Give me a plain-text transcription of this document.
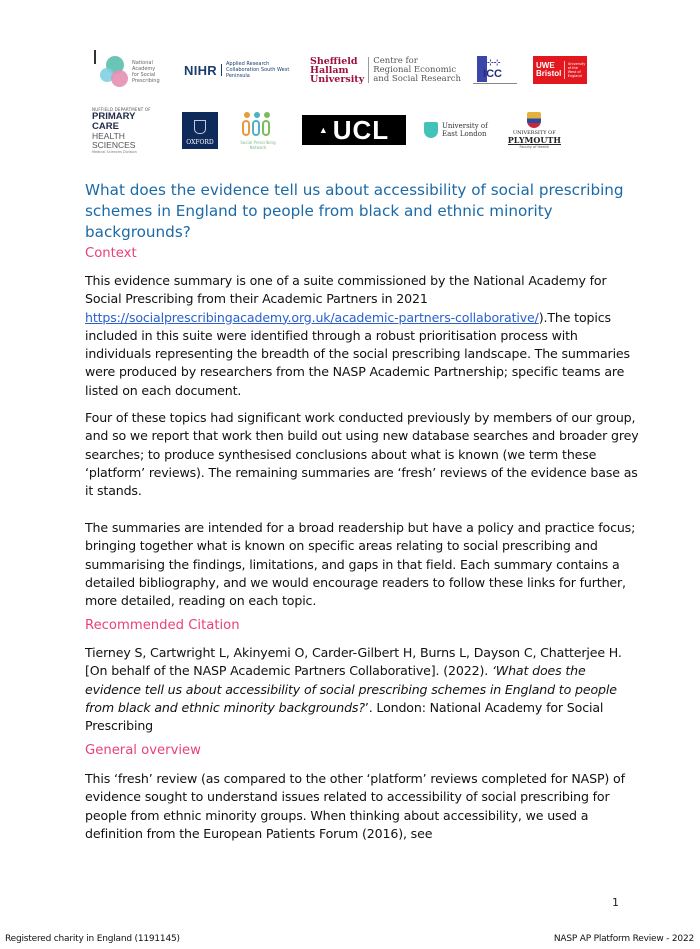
National
Academy
for Social
Prescribing
NIHR Applied Research Collaboration South West Peninsula
Sheffield
Hallam
University
Centre for
Regional Economic
and Social Research
⊹⊹
ICC
UWE
Bristol
University of the West of England
NUFFIELD DEPARTMENT OF
PRIMARY CARE
HEALTH SCIENCES
Medical Sciences Division
OXFORD	Social Prescribing Network
▲ UCL	University of
East London	UNIVERSITY OF
PLYMOUTH
Faculty of Health
What does the evidence tell us about accessibility of social prescribing schemes in England to people from black and ethnic minority backgrounds?
Context

This evidence summary is one of a suite commissioned by the National Academy for Social Prescribing from their Academic Partners in 2021 https://socialprescribingacademy.org.uk/academic-partners-collaborative/).The topics included in this suite were identified through a robust prioritisation process with individuals representing the breadth of the social prescribing landscape. The summaries were produced by researchers from the NASP Academic Partnership; specific teams are listed on each document.

Four of these topics had significant work conducted previously by members of our group, and so we report that work then build out using new database searches and broader grey searches; to produce synthesised conclusions about what is known (we term these ‘platform’ reviews). The remaining summaries are ‘fresh’ reviews of the evidence base as it stands.

The summaries are intended for a broad readership but have a policy and practice focus; bringing together what is known on specific areas relating to social prescribing and summarising the findings, limitations, and gaps in that field. Each summary contains a detailed bibliography, and we would encourage readers to follow these links for further, more detailed, reading on each topic.

Recommended Citation

Tierney S, Cartwright L, Akinyemi O, Carder-Gilbert H, Burns L, Dayson C, Chatterjee H. [On behalf of the NASP Academic Partners Collaborative]. (2022). ‘What does the evidence tell us about accessibility of social prescribing schemes in England to people from black and ethnic minority backgrounds?’. London: National Academy for Social Prescribing

General overview

This ‘fresh’ review (as compared to the other ‘platform’ reviews completed for NASP) of evidence sought to understand issues related to accessibility of social prescribing for people from ethnic minority groups. When thinking about accessibility, we used a definition from the European Patients Forum (2016), see

1
Registered charity in England (1191145)	NASP AP Platform Review - 2022
